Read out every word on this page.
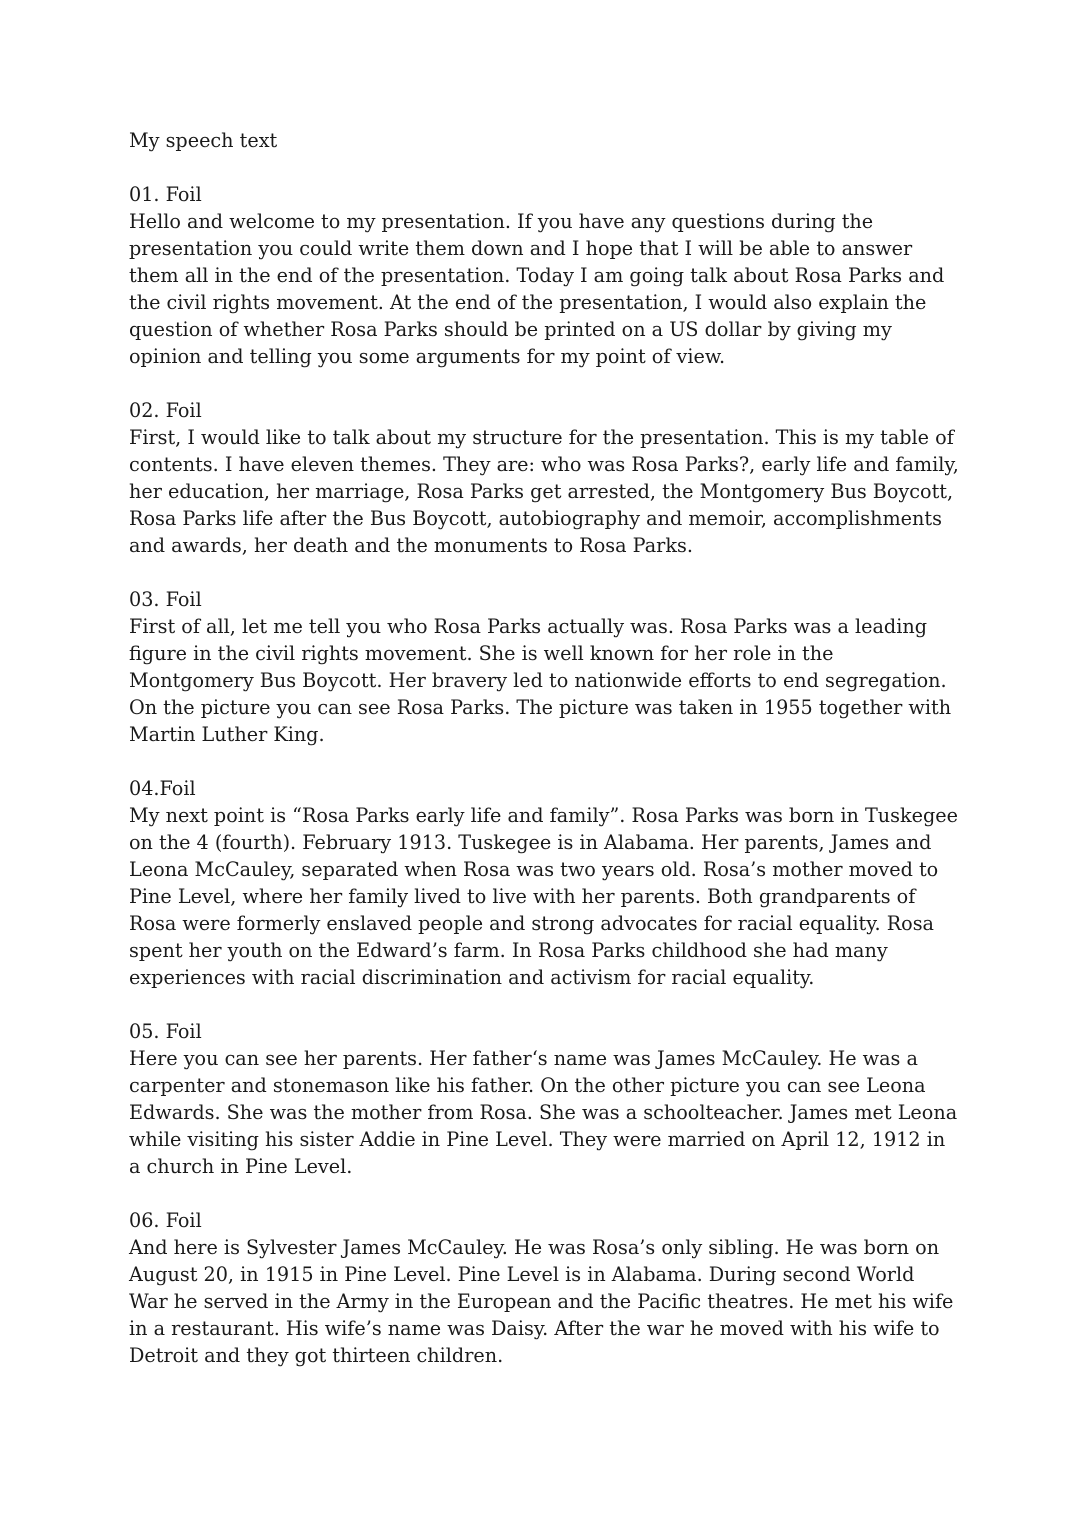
My speech text

01. Foil

Hello and welcome to my presentation. If you have any questions during the presentation you could write them down and I hope that I will be able to answer them all in the end of the presentation. Today I am going talk about Rosa Parks and the civil rights movement. At the end of the presentation, I would also explain the question of whether Rosa Parks should be printed on a US dollar by giving my opinion and telling you some arguments for my point of view.

02. Foil

First, I would like to talk about my structure for the presentation. This is my table of contents. I have eleven themes. They are: who was Rosa Parks?, early life and family, her education, her marriage, Rosa Parks get arrested, the Montgomery Bus Boycott, Rosa Parks life after the Bus Boycott, autobiography and memoir, accomplishments and awards, her death and the monuments to Rosa Parks.

03. Foil

First of all, let me tell you who Rosa Parks actually was. Rosa Parks was a leading figure in the civil rights movement. She is well known for her role in the Montgomery Bus Boycott. Her bravery led to nationwide efforts to end segregation. On the picture you can see Rosa Parks. The picture was taken in 1955 together with Martin Luther King.

04.Foil

My next point is “Rosa Parks early life and family”. Rosa Parks was born in Tuskegee on the 4 (fourth). February 1913. Tuskegee is in Alabama. Her parents, James and Leona McCauley, separated when Rosa was two years old. Rosa’s mother moved to Pine Level, where her family lived to live with her parents. Both grandparents of Rosa were formerly enslaved people and strong advocates for racial equality. Rosa spent her youth on the Edward’s farm. In Rosa Parks childhood she had many experiences with racial discrimination and activism for racial equality.

05. Foil

Here you can see her parents. Her father‘s name was James McCauley. He was a carpenter and stonemason like his father. On the other picture you can see Leona Edwards. She was the mother from Rosa. She was a schoolteacher. James met Leona while visiting his sister Addie in Pine Level. They were married on April 12, 1912 in a church in Pine Level.

06. Foil

And here is Sylvester James McCauley. He was Rosa’s only sibling. He was born on August 20, in 1915 in Pine Level. Pine Level is in Alabama. During second World War he served in the Army in the European and the Pacific theatres. He met his wife in a restaurant. His wife’s name was Daisy. After the war he moved with his wife to Detroit and they got thirteen children.
